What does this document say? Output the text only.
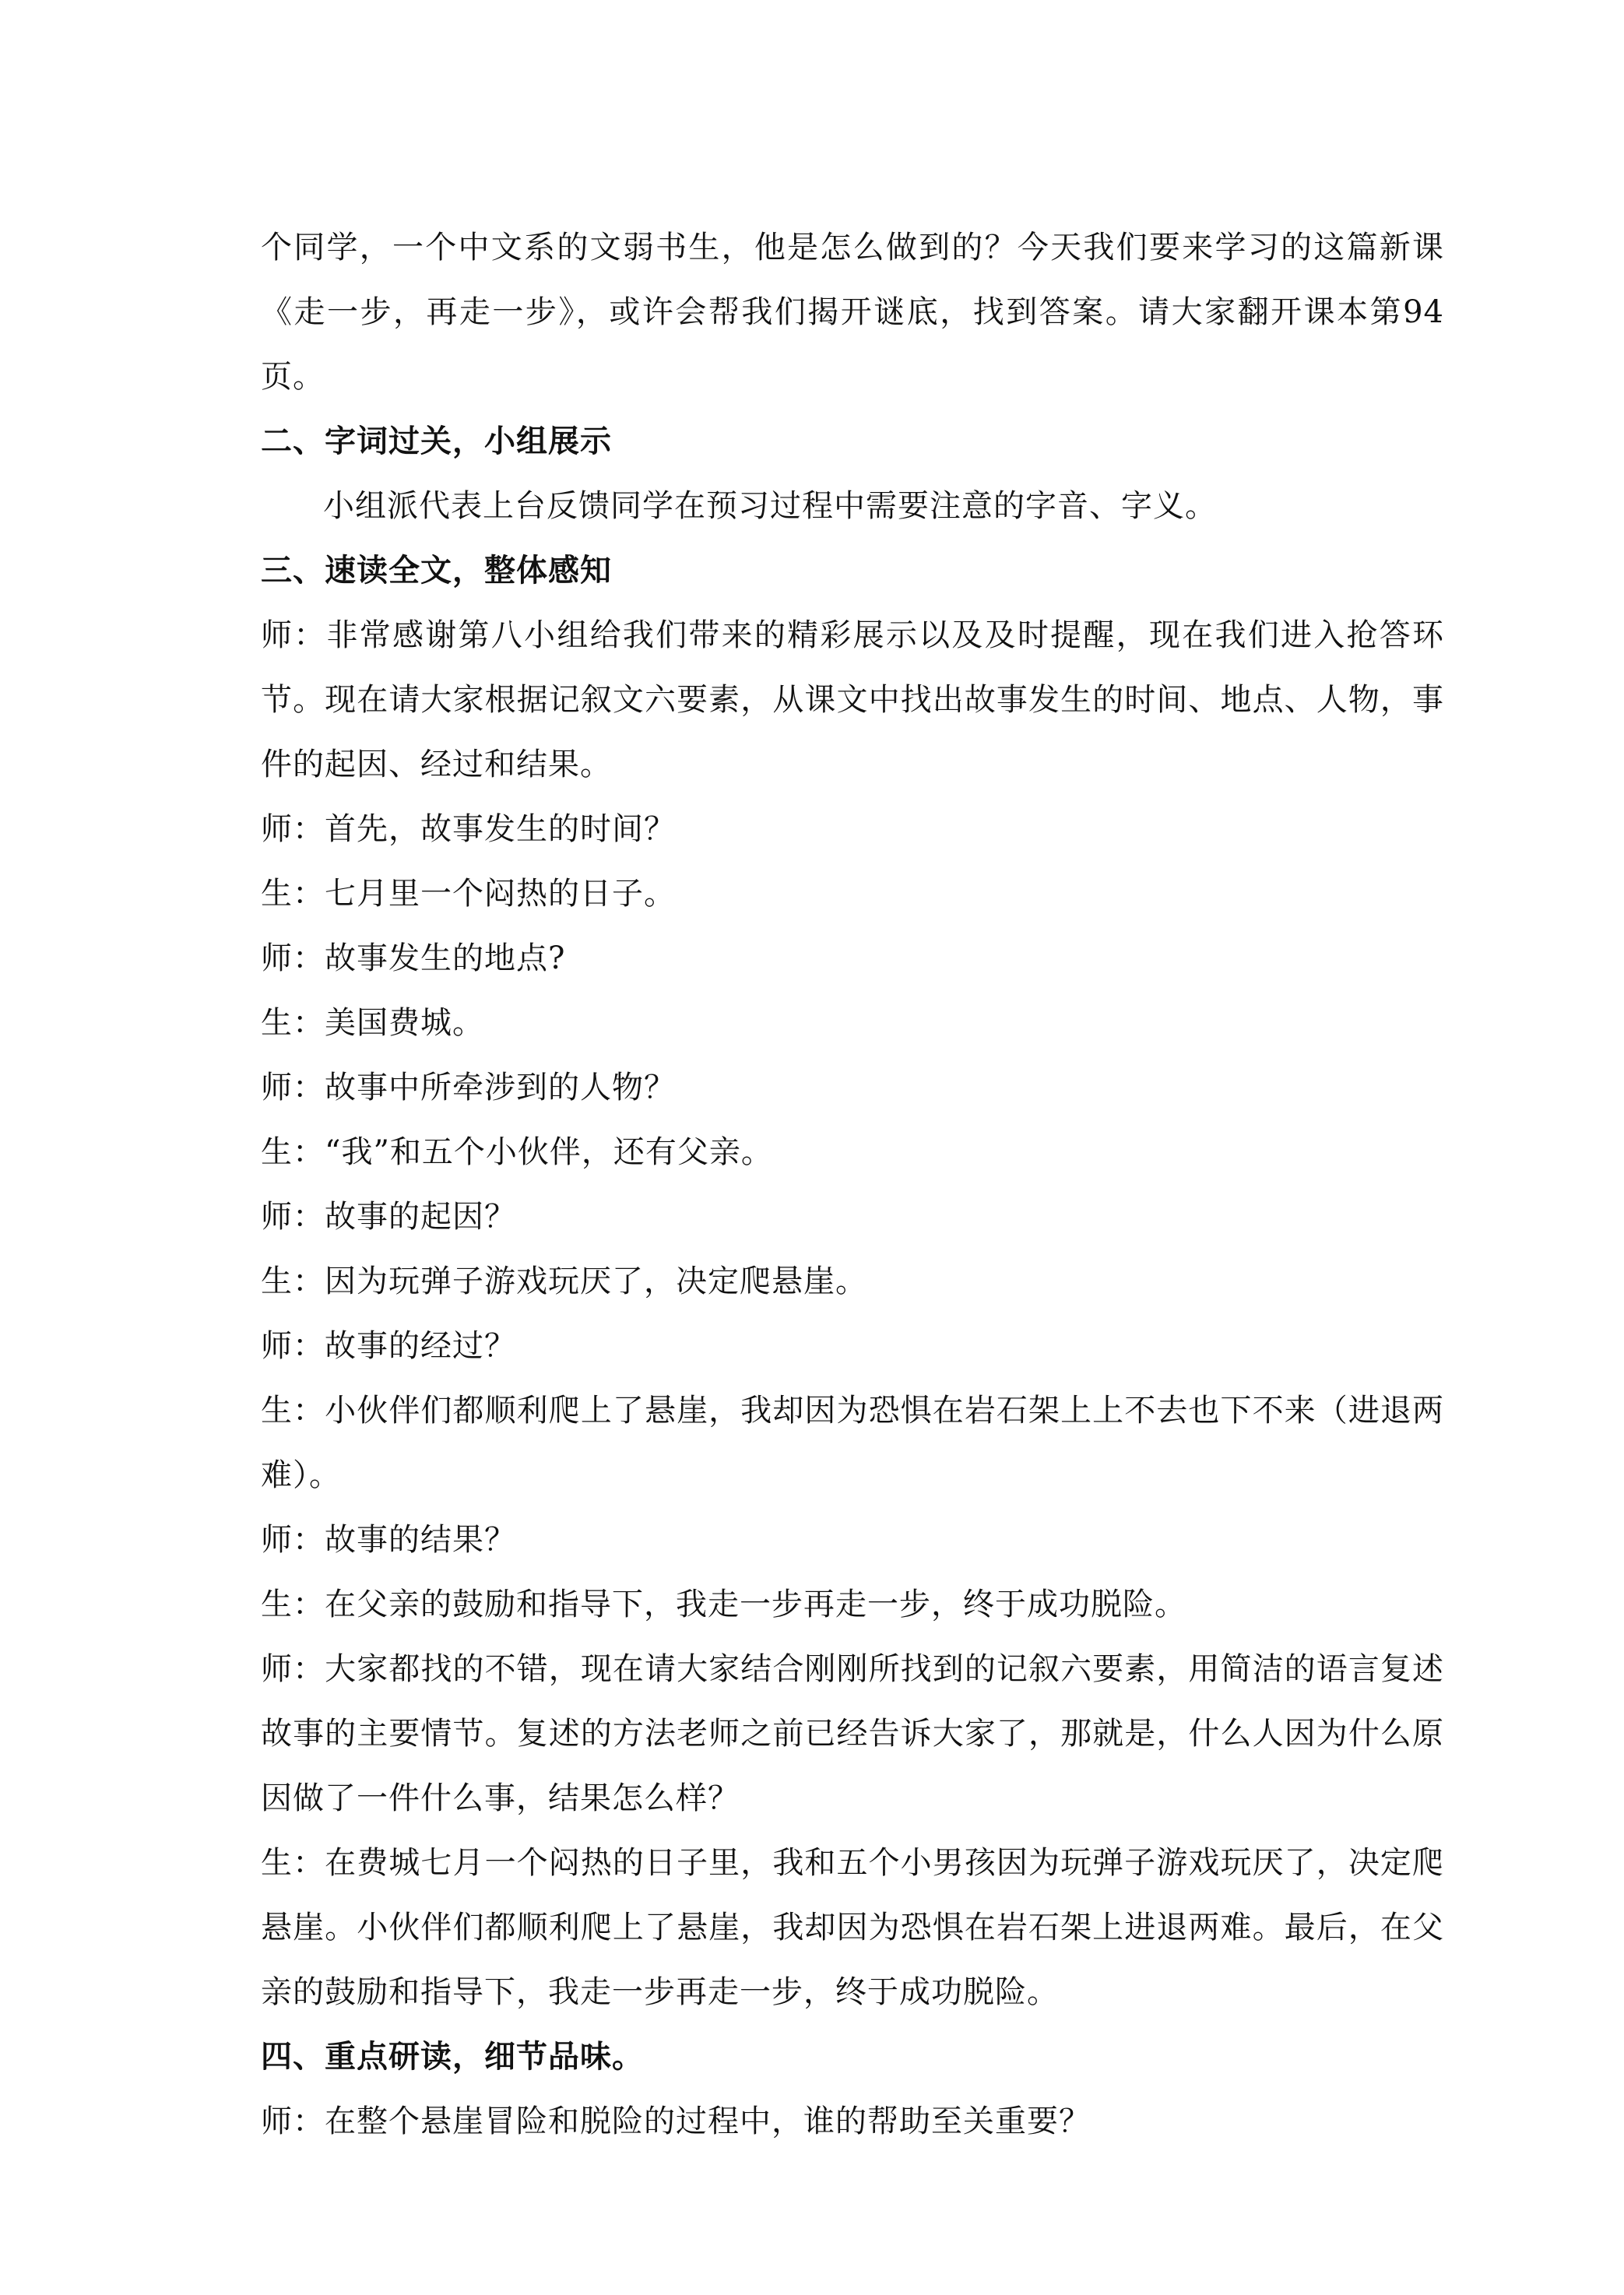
个同学，一个中文系的文弱书生，他是怎么做到的？今天我们要来学习的这篇新课《走一步，再走一步》，或许会帮我们揭开谜底，找到答案。请大家翻开课本第94页。

二、字词过关，小组展示

小组派代表上台反馈同学在预习过程中需要注意的字音、字义。

三、速读全文，整体感知

师：非常感谢第八小组给我们带来的精彩展示以及及时提醒，现在我们进入抢答环节。现在请大家根据记叙文六要素，从课文中找出故事发生的时间、地点、人物，事件的起因、经过和结果。

师：首先，故事发生的时间？

生：七月里一个闷热的日子。

师：故事发生的地点?

生：美国费城。

师：故事中所牵涉到的人物？

生：“我”和五个小伙伴，还有父亲。

师：故事的起因？

生：因为玩弹子游戏玩厌了，决定爬悬崖。

师：故事的经过？

生：小伙伴们都顺利爬上了悬崖，我却因为恐惧在岩石架上上不去也下不来（进退两难）。

师：故事的结果？

生：在父亲的鼓励和指导下，我走一步再走一步，终于成功脱险。

师：大家都找的不错，现在请大家结合刚刚所找到的记叙六要素，用简洁的语言复述故事的主要情节。复述的方法老师之前已经告诉大家了，那就是，什么人因为什么原因做了一件什么事，结果怎么样？

生：在费城七月一个闷热的日子里，我和五个小男孩因为玩弹子游戏玩厌了，决定爬悬崖。小伙伴们都顺利爬上了悬崖，我却因为恐惧在岩石架上进退两难。最后，在父亲的鼓励和指导下，我走一步再走一步，终于成功脱险。

四、重点研读，细节品味。

师：在整个悬崖冒险和脱险的过程中，谁的帮助至关重要？
